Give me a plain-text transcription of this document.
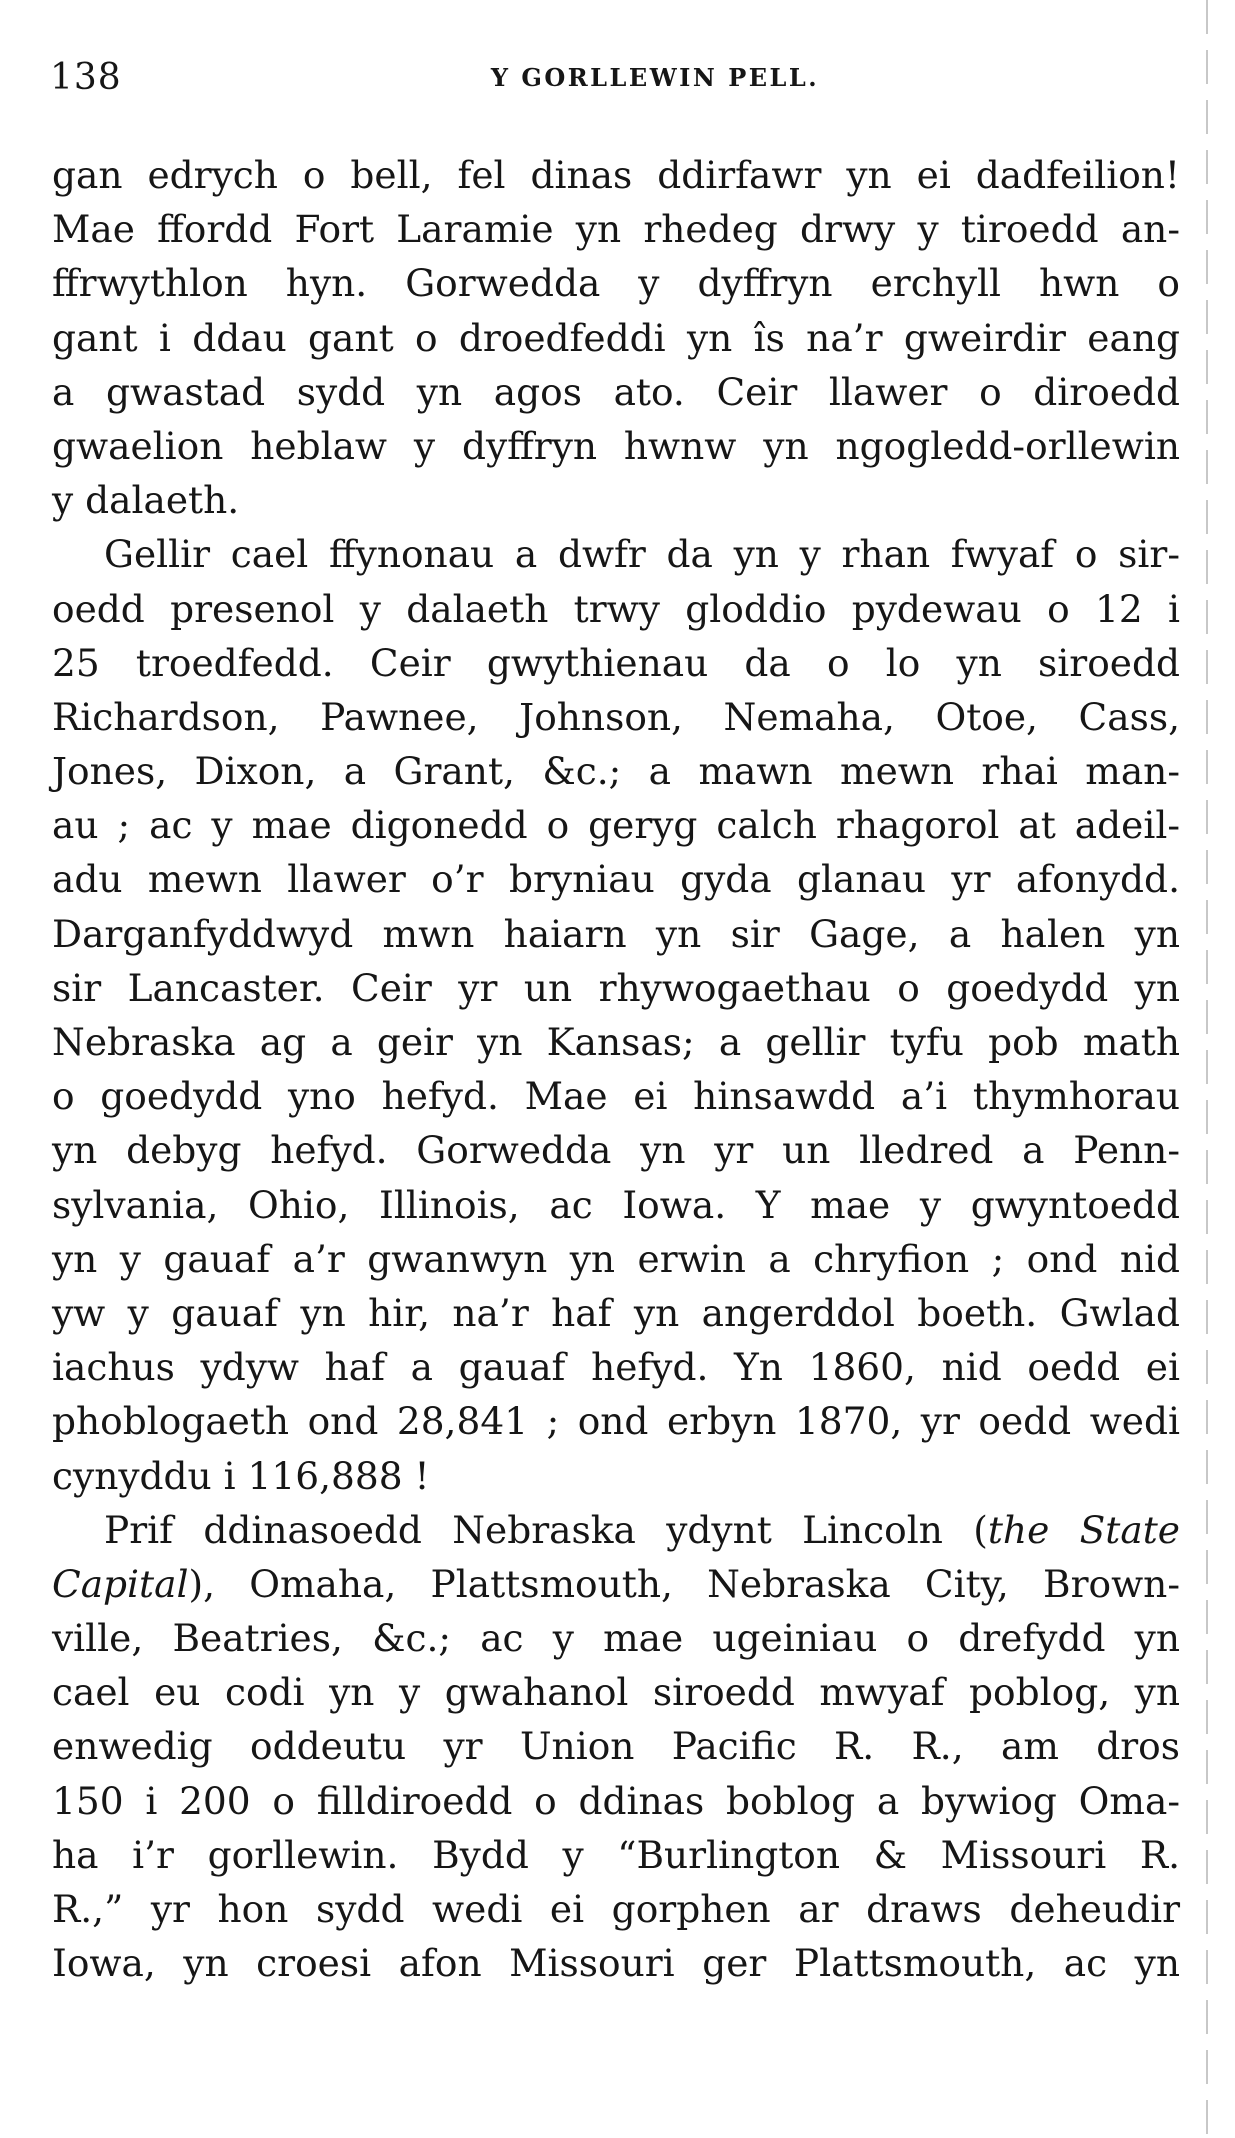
138	Y GORLLEWIN PELL.
gan edrych o bell, fel dinas ddirfawr yn ei dadfeilion!
Mae ffordd Fort Laramie yn rhedeg drwy y tiroedd an-
ffrwythlon hyn. Gorwedda y dyffryn erchyll hwn o
gant i ddau gant o droedfeddi yn îs na’r gweirdir eang
a gwastad sydd yn agos ato. Ceir llawer o diroedd
gwaelion heblaw y dyffryn hwnw yn ngogledd-orllewin
y dalaeth.
Gellir cael ffynonau a dwfr da yn y rhan fwyaf o sir-
oedd presenol y dalaeth trwy gloddio pydewau o 12 i
25 troedfedd. Ceir gwythienau da o lo yn siroedd
Richardson, Pawnee, Johnson, Nemaha, Otoe, Cass,
Jones, Dixon, a Grant, &c.; a mawn mewn rhai man-
au ; ac y mae digonedd o geryg calch rhagorol at adeil-
adu mewn llawer o’r bryniau gyda glanau yr afonydd.
Darganfyddwyd mwn haiarn yn sir Gage, a halen yn
sir Lancaster. Ceir yr un rhywogaethau o goedydd yn
Nebraska ag a geir yn Kansas; a gellir tyfu pob math
o goedydd yno hefyd. Mae ei hinsawdd a’i thymhorau
yn debyg hefyd. Gorwedda yn yr un lledred a Penn-
sylvania, Ohio, Illinois, ac Iowa. Y mae y gwyntoedd
yn y gauaf a’r gwanwyn yn erwin a chryfion ; ond nid
yw y gauaf yn hir, na’r haf yn angerddol boeth. Gwlad
iachus ydyw haf a gauaf hefyd. Yn 1860, nid oedd ei
phoblogaeth ond 28,841 ; ond erbyn 1870, yr oedd wedi
cynyddu i 116,888 !
Prif ddinasoedd Nebraska ydynt Lincoln (the State
Capital), Omaha, Plattsmouth, Nebraska City, Brown-
ville, Beatries, &c.; ac y mae ugeiniau o drefydd yn
cael eu codi yn y gwahanol siroedd mwyaf poblog, yn
enwedig oddeutu yr Union Pacific R. R., am dros
150 i 200 o filldiroedd o ddinas boblog a bywiog Oma-
ha i’r gorllewin. Bydd y “Burlington & Missouri R.
R.,” yr hon sydd wedi ei gorphen ar draws deheudir
Iowa, yn croesi afon Missouri ger Plattsmouth, ac yn
